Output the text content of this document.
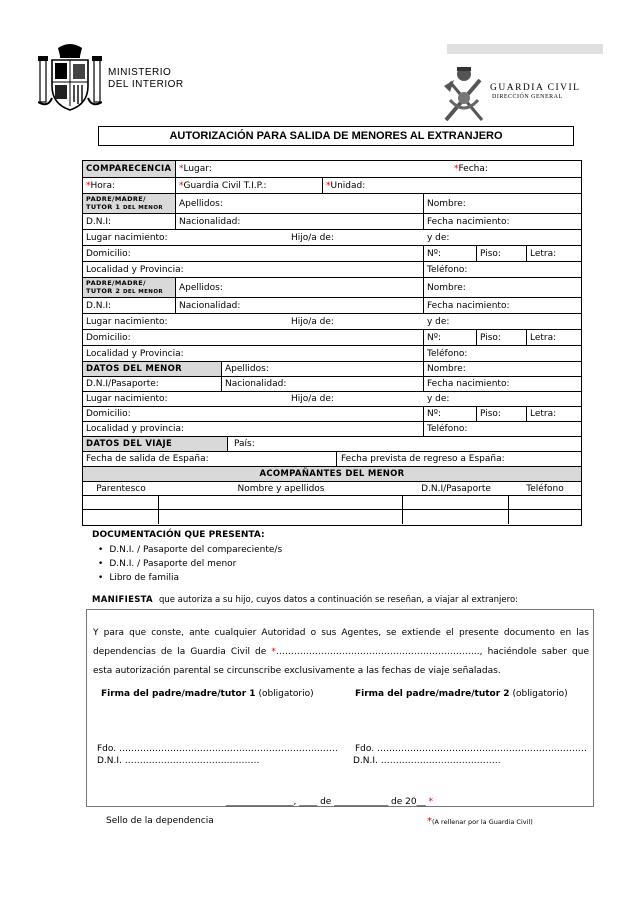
MINISTERIO
DEL INTERIOR	GUARDIA CIVIL
DIRECCIÓN GENERAL
AUTORIZACIÓN PARA SALIDA DE MENORES AL EXTRANJERO
COMPARECENCIA * Lugar:	* Fecha:
* Hora:	* Guardia Civil T.I.P.:	* Unidad:
PADRE/MADRE/
TUTOR 1 DEL MENOR	Apellidos:	Nombre:
D.N.I:	Nacionalidad:	Fecha nacimiento:
Lugar nacimiento:	Hijo/a de:	y de:
Domicilio:	Nº:	Piso:	Letra:
Localidad y Provincia:	Teléfono:
PADRE/MADRE/
TUTOR 2 DEL MENOR	Apellidos:	Nombre:
D.N.I:	Nacionalidad:	Fecha nacimiento:
Lugar nacimiento:	Hijo/a de:	y de:
Domicilio:	Nº:	Piso:	Letra:
Localidad y Provincia:	Teléfono:
DATOS DEL MENOR	Apellidos:	Nombre:
D.N.I/Pasaporte:	Nacionalidad:	Fecha nacimiento:
Lugar nacimiento:	Hijo/a de:	y de:
Domicilio:	Nº:	Piso:	Letra:
Localidad y provincia:	Teléfono:
DATOS DEL VIAJE	País:
Fecha de salida de España:	Fecha prevista de regreso a España:
ACOMPAÑANTES DEL MENOR
Parentesco	Nombre y apellidos	D.N.I/Pasaporte	Teléfono
DOCUMENTACIÓN QUE PRESENTA:
• D.N.I. / Pasaporte del compareciente/s
• D.N.I. / Pasaporte del menor
• Libro de familia
MANIFIESTA que autoriza a su hijo, cuyos datos a continuación se reseñan, a viajar al extranjero:
Y para que conste, ante cualquier Autoridad o sus Agentes, se extiende el presente documento en las dependencias de la Guardia Civil de *………………………………………………………….., haciéndole saber que esta autorización parental se circunscribe exclusivamente a las fechas de viaje señaladas.
Firma del padre/madre/tutor 1 (obligatorio)	Firma del padre/madre/tutor 2 (obligatorio)
Fdo. ………………….……………………………………………
D.N.I. ……………………………..……….
Fdo. ……………………………….……………………………
D.N.I. ………………………………….
_______________, ____ de ____________ de 20__ *
Sello de la dependencia	*(A rellenar por la Guardia Civil)
